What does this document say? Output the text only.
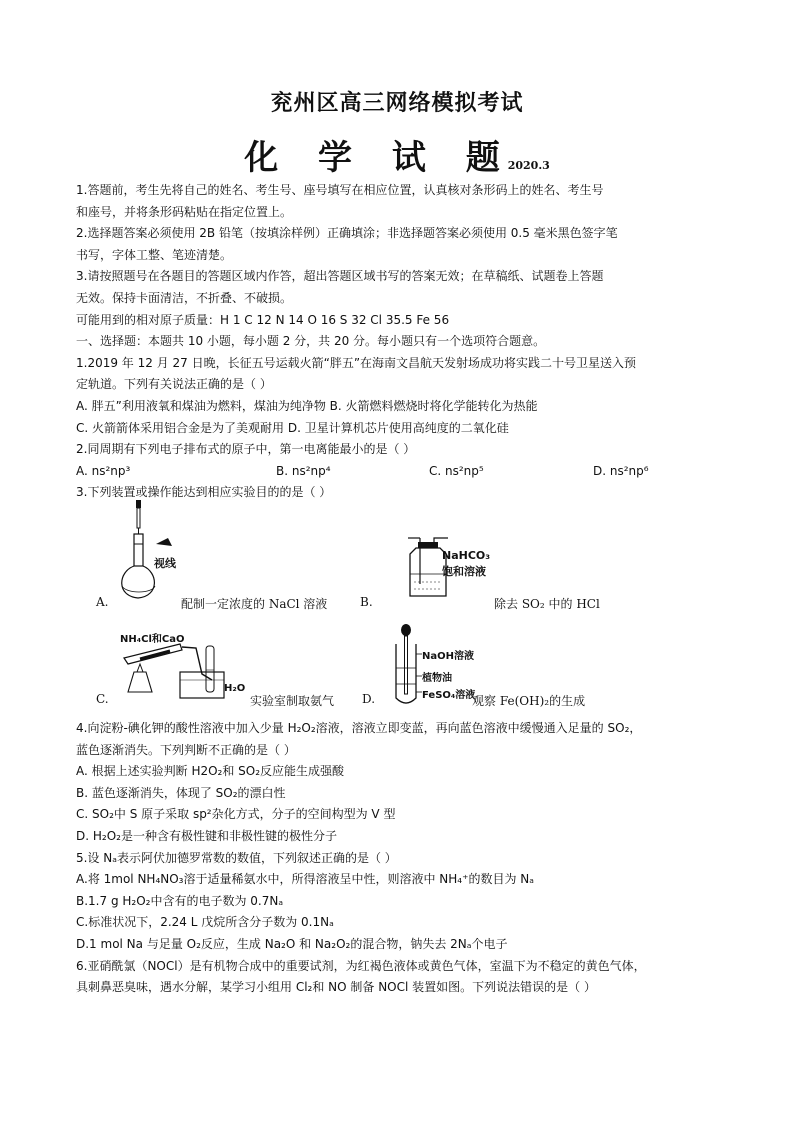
兖州区高三网络模拟考试
化 学 试 题2020.3
1.答题前，考生先将自己的姓名、考生号、座号填写在相应位置，认真核对条形码上的姓名、考生号
和座号，并将条形码粘贴在指定位置上。
2.选择题答案必须使用 2B 铅笔（按填涂样例）正确填涂；非选择题答案必须使用 0.5 毫米黑色签字笔
书写，字体工整、笔迹清楚。
3.请按照题号在各题目的答题区域内作答，超出答题区域书写的答案无效；在草稿纸、试题卷上答题
无效。保持卡面清洁，不折叠、不破损。
可能用到的相对原子质量：H 1 C 12 N 14 O 16 S 32 Cl 35.5 Fe 56
一、选择题：本题共 10 小题，每小题 2 分，共 20 分。每小题只有一个选项符合题意。
1.2019 年 12 月 27 日晚，长征五号运载火箭“胖五”在海南文昌航天发射场成功将实践二十号卫星送入预
定轨道。下列有关说法正确的是（ ）
A. 胖五”利用液氧和煤油为燃料，煤油为纯净物 B. 火箭燃料燃烧时将化学能转化为热能
C. 火箭箭体采用铝合金是为了美观耐用 D. 卫星计算机芯片使用高纯度的二氧化硅
2.同周期有下列电子排布式的原子中，第一电离能最小的是（ ）
A. ns²np³	B. ns²np⁴	C. ns²np⁵	D. ns²np⁶
3.下列装置或操作能达到相应实验目的的是（ ）
视线
A.	配制一定浓度的 NaCl 溶液
NaHCO₃
饱和溶液
B.	除去 SO₂ 中的 HCl
NH₄Cl和CaO
H₂O
C.	实验室制取氨气
NaOH溶液
植物油
FeSO₄溶液
D.	观察 Fe(OH)₂的生成
4.向淀粉-碘化钾的酸性溶液中加入少量 H₂O₂溶液，溶液立即变蓝，再向蓝色溶液中缓慢通入足量的 SO₂，
蓝色逐渐消失。下列判断不正确的是（ ）
A. 根据上述实验判断 H2O₂和 SO₂反应能生成强酸
B. 蓝色逐渐消失，体现了 SO₂的漂白性
C. SO₂中 S 原子采取 sp²杂化方式，分子的空间构型为 V 型
D. H₂O₂是一种含有极性键和非极性键的极性分子
5.设 Nₐ表示阿伏加德罗常数的数值，下列叙述正确的是（ ）
A.将 1mol NH₄NO₃溶于适量稀氨水中，所得溶液呈中性，则溶液中 NH₄⁺的数目为 Nₐ
B.1.7 g H₂O₂中含有的电子数为 0.7Nₐ
C.标准状况下，2.24 L 戊烷所含分子数为 0.1Nₐ
D.1 mol Na 与足量 O₂反应，生成 Na₂O 和 Na₂O₂的混合物，钠失去 2Nₐ个电子
6.亚硝酰氯（NOCl）是有机物合成中的重要试剂，为红褐色液体或黄色气体，室温下为不稳定的黄色气体，
具刺鼻恶臭味，遇水分解，某学习小组用 Cl₂和 NO 制备 NOCl 装置如图。下列说法错误的是（ ）
